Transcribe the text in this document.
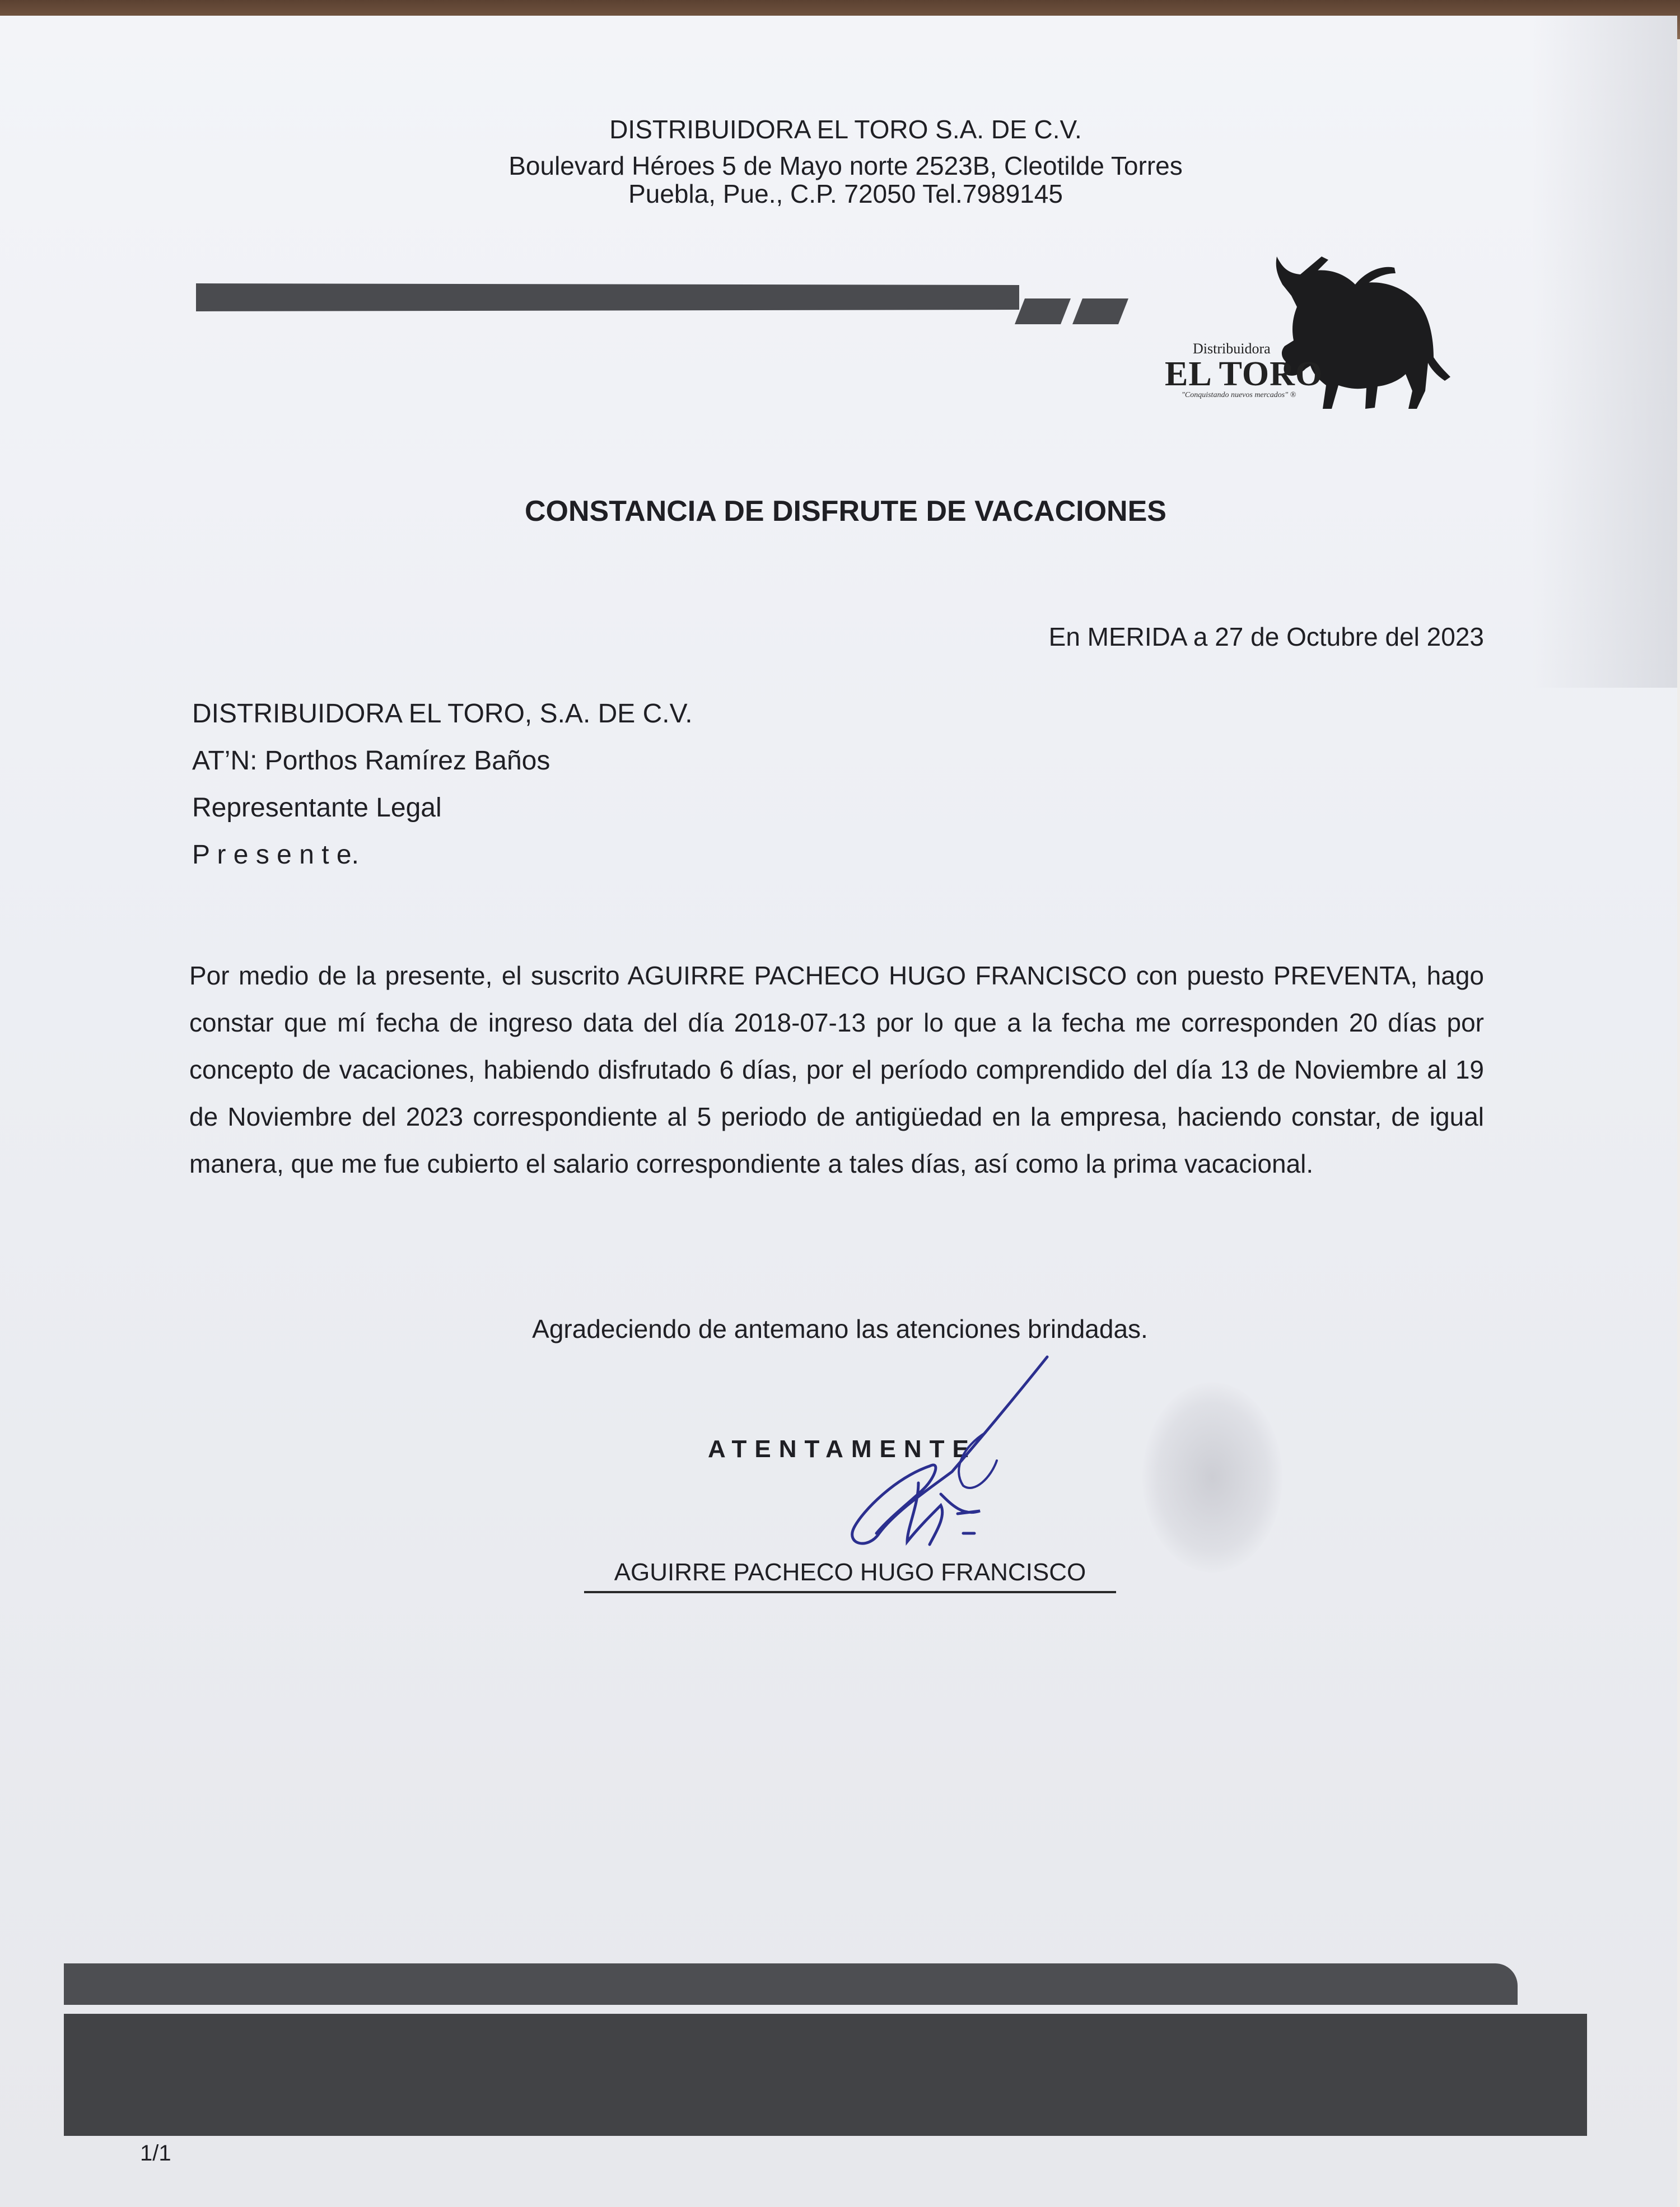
DISTRIBUIDORA EL TORO S.A. DE C.V.
Boulevard Héroes 5 de Mayo norte 2523B, Cleotilde Torres
Puebla, Pue., C.P. 72050 Tel.7989145
Distribuidora
EL TORO
"Conquistando nuevos mercados" ®
CONSTANCIA DE DISFRUTE DE VACACIONES
En MERIDA a 27 de Octubre del 2023
DISTRIBUIDORA EL TORO, S.A. DE C.V.
AT’N: Porthos Ramírez Baños
Representante Legal
P r e s e n t e.
Por medio de la presente, el suscrito AGUIRRE PACHECO HUGO FRANCISCO con puesto PREVENTA, hago constar que mí fecha de ingreso data del día 2018-07-13 por lo que a la fecha me corresponden 20 días por concepto de vacaciones, habiendo disfrutado 6 días, por el período comprendido del día 13 de Noviembre al 19 de Noviembre del 2023 correspondiente al 5 periodo de antigüedad en la empresa, haciendo constar, de igual manera, que me fue cubierto el salario correspondiente a tales días, así como la prima vacacional.
Agradeciendo de antemano las atenciones brindadas.
ATENTAMENTE
AGUIRRE PACHECO HUGO FRANCISCO
1/1
